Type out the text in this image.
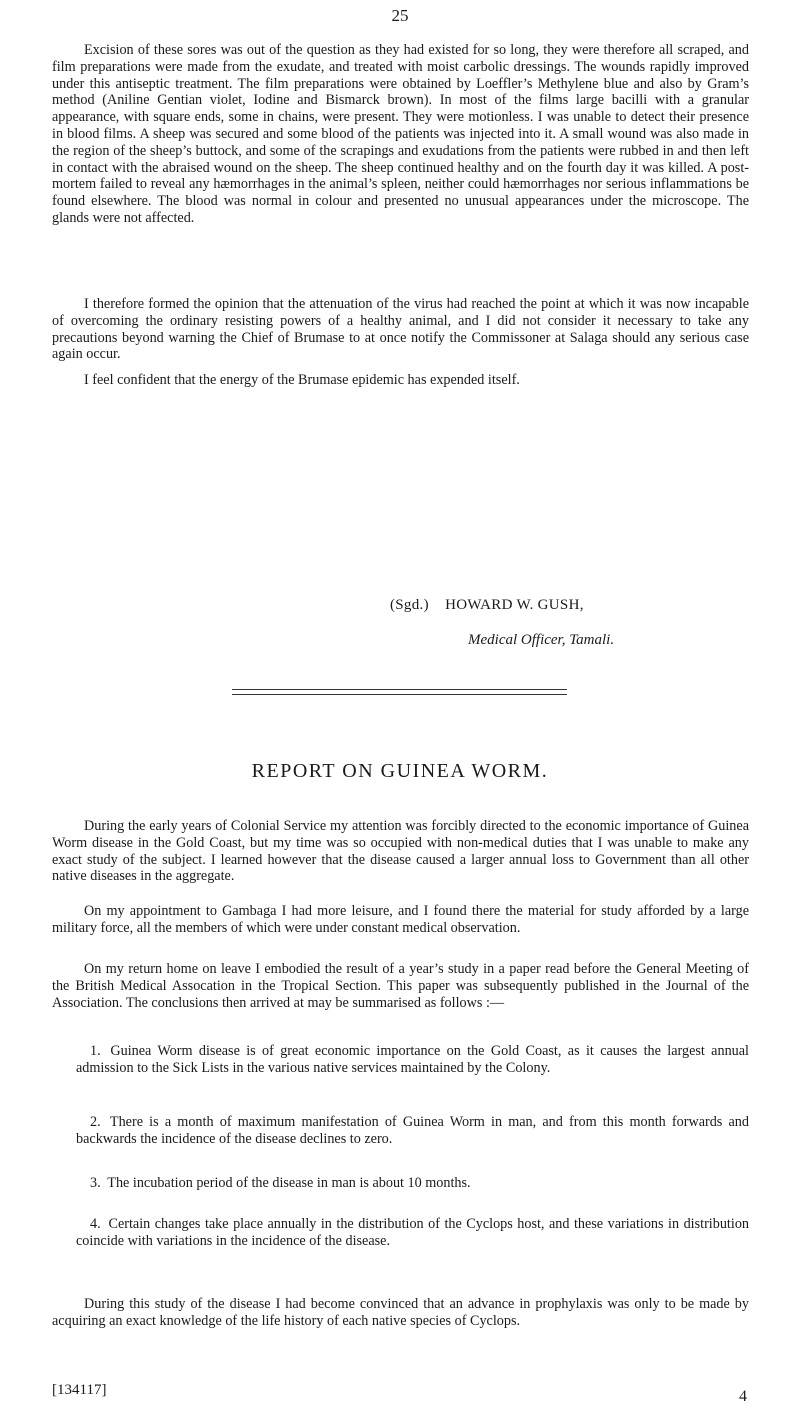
25

Excision of these sores was out of the question as they had existed for so long, they were therefore all scraped, and film preparations were made from the exudate, and treated with moist carbolic dressings. The wounds rapidly improved under this antiseptic treatment. The film preparations were obtained by Loeffler’s Methylene blue and also by Gram’s method (Aniline Gentian violet, Iodine and Bismarck brown). In most of the films large bacilli with a granular appearance, with square ends, some in chains, were present. They were motionless. I was unable to detect their presence in blood films. A sheep was secured and some blood of the patients was injected into it. A small wound was also made in the region of the sheep’s buttock, and some of the scrapings and exudations from the patients were rubbed in and then left in contact with the abraised wound on the sheep. The sheep continued healthy and on the fourth day it was killed. A post-mortem failed to reveal any hæmorrhages in the animal’s spleen, neither could hæmorrhages nor serious inflammations be found elsewhere. The blood was normal in colour and presented no unusual appearances under the microscope. The glands were not affected.

I therefore formed the opinion that the attenuation of the virus had reached the point at which it was now incapable of overcoming the ordinary resisting powers of a healthy animal, and I did not consider it necessary to take any precautions beyond warning the Chief of Brumase to at once notify the Commissoner at Salaga should any serious case again occur.

I feel confident that the energy of the Brumase epidemic has expended itself.

(Sgd.)    HOWARD W. GUSH,
Medical Officer, Tamali.
REPORT ON GUINEA WORM.

During the early years of Colonial Service my attention was forcibly directed to the economic importance of Guinea Worm disease in the Gold Coast, but my time was so occupied with non-medical duties that I was unable to make any exact study of the subject. I learned however that the disease caused a larger annual loss to Government than all other native diseases in the aggregate.

On my appointment to Gambaga I had more leisure, and I found there the material for study afforded by a large military force, all the members of which were under constant medical observation.

On my return home on leave I embodied the result of a year’s study in a paper read before the General Meeting of the British Medical Assocation in the Tropical Section. This paper was subsequently published in the Journal of the Association. The conclusions then arrived at may be summarised as follows :—

1. Guinea Worm disease is of great economic importance on the Gold Coast, as it causes the largest annual admission to the Sick Lists in the various native services maintained by the Colony.

2. There is a month of maximum manifestation of Guinea Worm in man, and from this month forwards and backwards the incidence of the disease declines to zero.

3. The incubation period of the disease in man is about 10 months.

4. Certain changes take place annually in the distribution of the Cyclops host, and these variations in distribution coincide with variations in the incidence of the disease.

During this study of the disease I had become convinced that an advance in prophylaxis was only to be made by acquiring an exact knowledge of the life history of each native species of Cyclops.

[134117]	4
